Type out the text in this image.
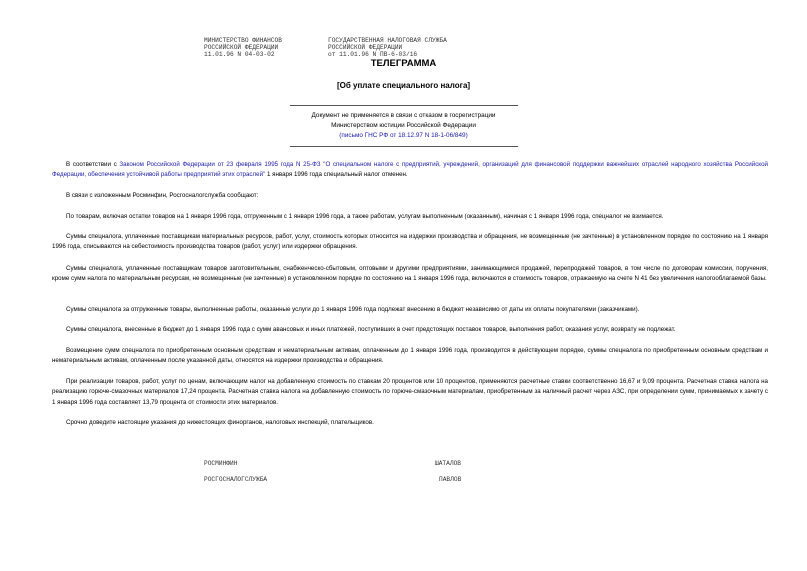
МИНИСТЕРСТВО ФИНАНСОВ
РОССИЙСКОЙ ФЕДЕРАЦИИ
11.01.96 N 04-03-02
ГОСУДАРСТВЕННАЯ НАЛОГОВАЯ СЛУЖБА
РОССИЙСКОЙ ФЕДЕРАЦИИ
от 11.01.96 N ПВ-6-03/16
ТЕЛЕГРАММА
[Об уплате специального налога]
Документ не применяется в связи с отказом в госрегистрации
Министерством юстиции Российской Федерации
(письмо ГНС РФ от 18.12.97 N 18-1-06/849)
В соответствии с Законом Российской Федерации от 23 февраля 1995 года N 25-ФЗ "О специальном налоге с предприятий, учреждений, организаций для финансовой поддержки важнейших отраслей народного хозяйства Российской Федерации, обеспечения устойчивой работы предприятий этих отраслей" 1 января 1996 года специальный налог отменен.
В связи с изложенным Росминфин, Росгосналогслужба сообщают:
По товарам, включая остатки товаров на 1 января 1996 года, отгруженным с 1 января 1996 года, а также работам, услугам выполненным (оказанным), начиная с 1 января 1996 года, спецналог не взимается.
Суммы спецналога, уплаченные поставщикам материальных ресурсов, работ, услуг, стоимость которых относится на издержки производства и обращения, не возмещенные (не зачтенные) в установленном порядке по состоянию на 1 января 1996 года, списываются на себестоимость производства товаров (работ, услуг) или издержки обращения.
Суммы спецналога, уплаченные поставщикам товаров заготовительным, снабженческо-сбытовым, оптовыми и другими предприятиями, занимающимися продажей, перепродажей товаров, в том числе по договорам комиссии, поручения, кроме сумм налога по материальным ресурсам, не возмещенные (не зачтенные) в установленном порядке по состоянию на 1 января 1996 года, включаются в стоимость товаров, отражаемую на счете N 41 без увеличения налогооблагаемой базы.
Суммы спецналога за отгруженные товары, выполненные работы, оказанные услуги до 1 января 1996 года подлежат внесению в бюджет независимо от даты их оплаты покупателями (заказчиками).
Суммы спецналога, внесенные в бюджет до 1 января 1996 года с сумм авансовых и иных платежей, поступивших в счет предстоящих поставок товаров, выполнения работ, оказания услуг, возврату не подлежат.
Возмещение сумм спецналога по приобретенным основным средствам и нематериальным активам, оплаченным до 1 января 1996 года, производится в действующем порядке, суммы спецналога по приобретенным основным средствам и нематериальным активам, оплаченным после указанной даты, относятся на издержки производства и обращения.
При реализации товаров, работ, услуг по ценам, включающим налог на добавленную стоимость по ставкам 20 процентов или 10 процентов, применяются расчетные ставки соответственно 16,67 и 9,09 процента. Расчетная ставка налога на реализацию горюче-смазочных материалов 17,24 процента. Расчетная ставка налога на добавленную стоимость по горюче-смазочным материалам, приобретенным за наличный расчет через АЗС, при определении сумм, принимаемых к зачету с 1 января 1996 года составляет 13,79 процента от стоимости этих материалов.
Срочно доведите настоящие указания до нижестоящих финорганов, налоговых инспекций, плательщиков.
РОСМИНФИН	ШАТАЛОВ
РОСГОСНАЛОГСЛУЖБА	ПАВЛОВ
